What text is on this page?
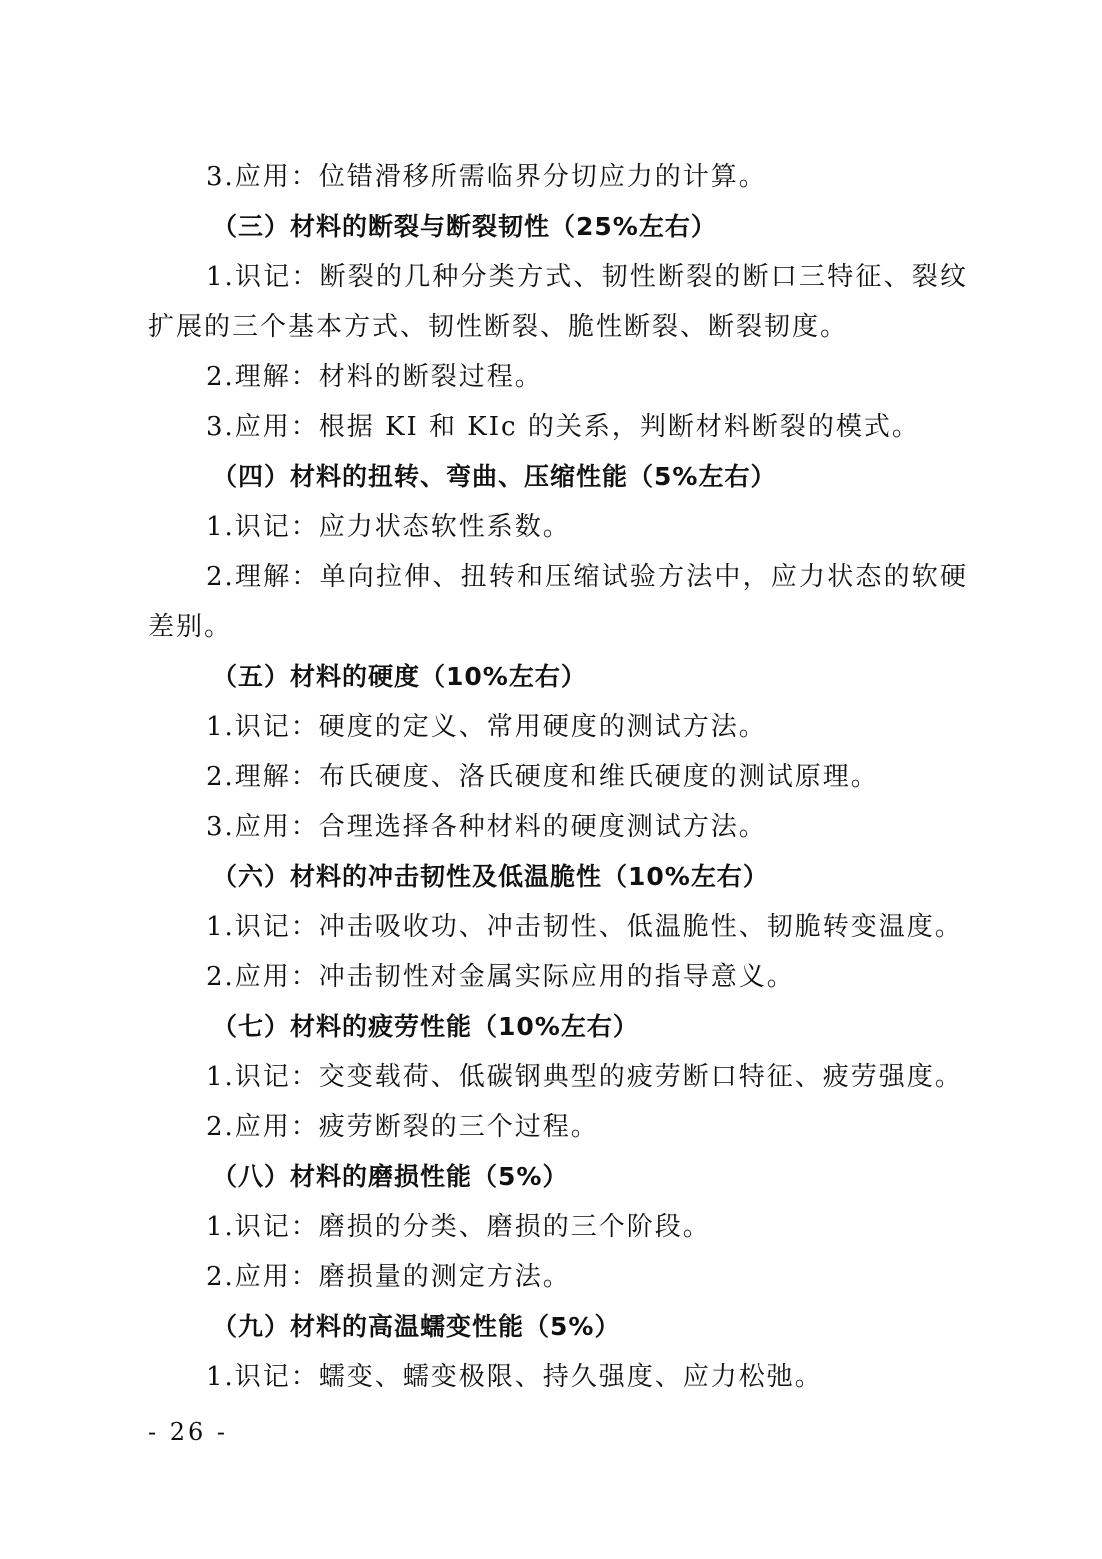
3.应用：位错滑移所需临界分切应力的计算。

（三）材料的断裂与断裂韧性（25%左右）

1.识记：断裂的几种分类方式、韧性断裂的断口三特征、裂纹扩展的三个基本方式、韧性断裂、脆性断裂、断裂韧度。

2.理解：材料的断裂过程。

3.应用：根据 KI 和 KIc 的关系，判断材料断裂的模式。

（四）材料的扭转、弯曲、压缩性能（5%左右）

1.识记：应力状态软性系数。

2.理解：单向拉伸、扭转和压缩试验方法中，应力状态的软硬差别。

（五）材料的硬度（10%左右）

1.识记：硬度的定义、常用硬度的测试方法。

2.理解：布氏硬度、洛氏硬度和维氏硬度的测试原理。

3.应用：合理选择各种材料的硬度测试方法。

（六）材料的冲击韧性及低温脆性（10%左右）

1.识记：冲击吸收功、冲击韧性、低温脆性、韧脆转变温度。

2.应用：冲击韧性对金属实际应用的指导意义。

（七）材料的疲劳性能（10%左右）

1.识记：交变载荷、低碳钢典型的疲劳断口特征、疲劳强度。

2.应用：疲劳断裂的三个过程。

（八）材料的磨损性能（5%）

1.识记：磨损的分类、磨损的三个阶段。

2.应用：磨损量的测定方法。

（九）材料的高温蠕变性能（5%）

1.识记：蠕变、蠕变极限、持久强度、应力松弛。

- 26 -
